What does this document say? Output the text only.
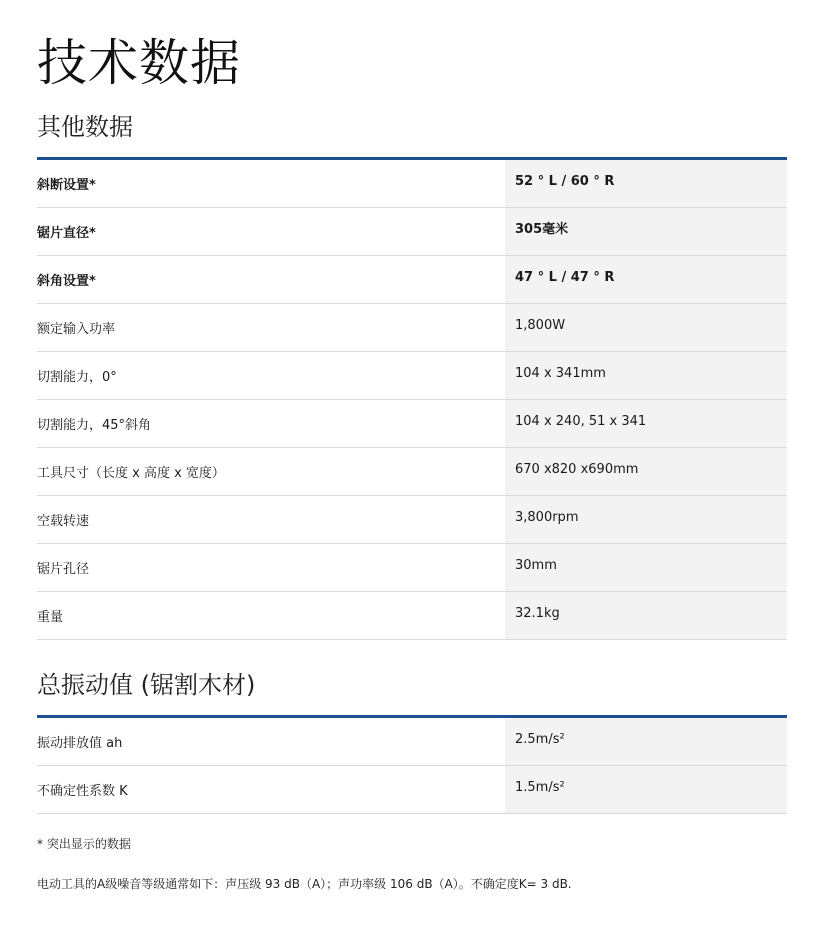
技术数据
其他数据
斜断设置*	52 ° L / 60 ° R
锯片直径*	305毫米
斜角设置*	47 ° L / 47 ° R
额定输入功率	1,800W
切割能力，0°	104 x 341mm
切割能力，45°斜角	104 x 240, 51 x 341
工具尺寸（长度 x 高度 x 宽度）	670 x820 x690mm
空载转速	3,800rpm
锯片孔径	30mm
重量	32.1kg
总振动值 (锯割木材)
振动排放值 ah	2.5m/s²
不确定性系数 K	1.5m/s²

* 突出显示的数据

电动工具的A级噪音等级通常如下：声压级 93 dB（A）；声功率级 106 dB（A）。不确定度K= 3 dB.
